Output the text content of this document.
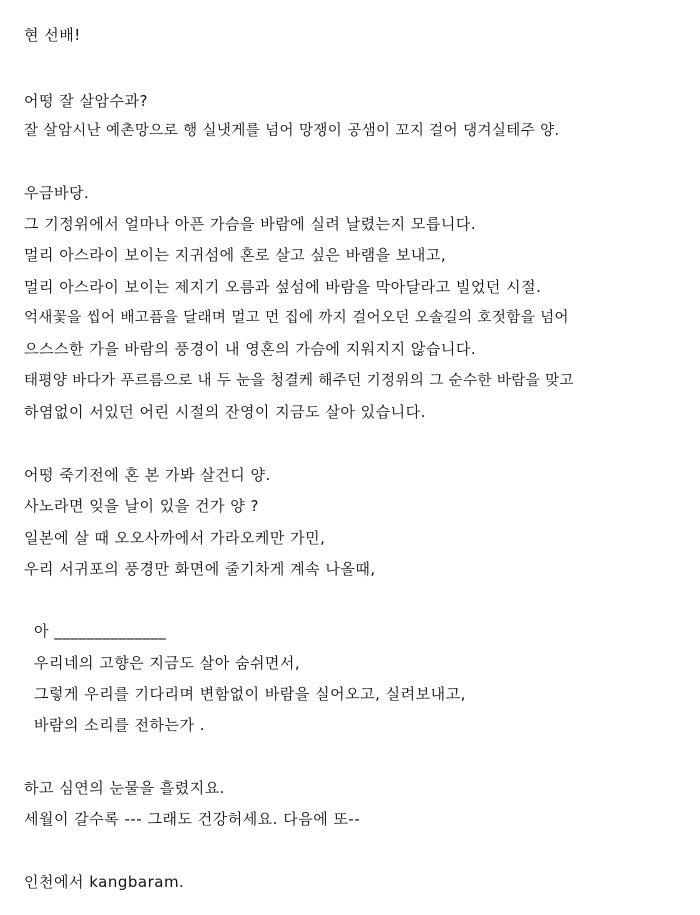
현 선배!
어떵 잘 살암수과?
잘 살암시난 예촌망으로 행 실냇게를 넘어 망쟁이 공샘이 꼬지 걸어 댕겨실테주 양.
우금바당.
그 기정위에서 얼마나 아픈 가슴을 바람에 실려 날렸는지 모릅니다.
멀리 아스라이 보이는 지귀섬에 혼로 살고 싶은 바램을 보내고,
멀리 아스라이 보이는 제지기 오름과 섶섬에 바람을 막아달라고 빌었던 시절.
억새꽃을 씹어 배고픔을 달래며 멀고 먼 집에 까지 걸어오던 오솔길의 호젓함을 넘어
으스스한 가을 바람의 풍경이 내 영혼의 가슴에 지워지지 않습니다.
태평양 바다가 푸르름으로 내 두 눈을 청결케 해주던 기정위의 그 순수한 바람을 맞고
하염없이 서있던 어린 시절의 잔영이 지금도 살아 있습니다.
어떵 죽기전에 혼 본 가봐 살건디 양.
사노라면 잊을 날이 있을 건가 양 ?
일본에 살 때 오오사까에서 가라오케만 가민,
우리 서귀포의 풍경만 화면에 줄기차게 계속 나올때,
아 ______________
우리네의 고향은 지금도 살아 숨쉬면서,
그렇게 우리를 기다리며 변함없이 바람을 실어오고, 실려보내고,
바람의 소리를 전하는가 .
하고 심연의 눈물을 흘렸지요.
세월이 갈수록 --- 그래도 건강허세요. 다음에 또--
인천에서 kangbaram.
